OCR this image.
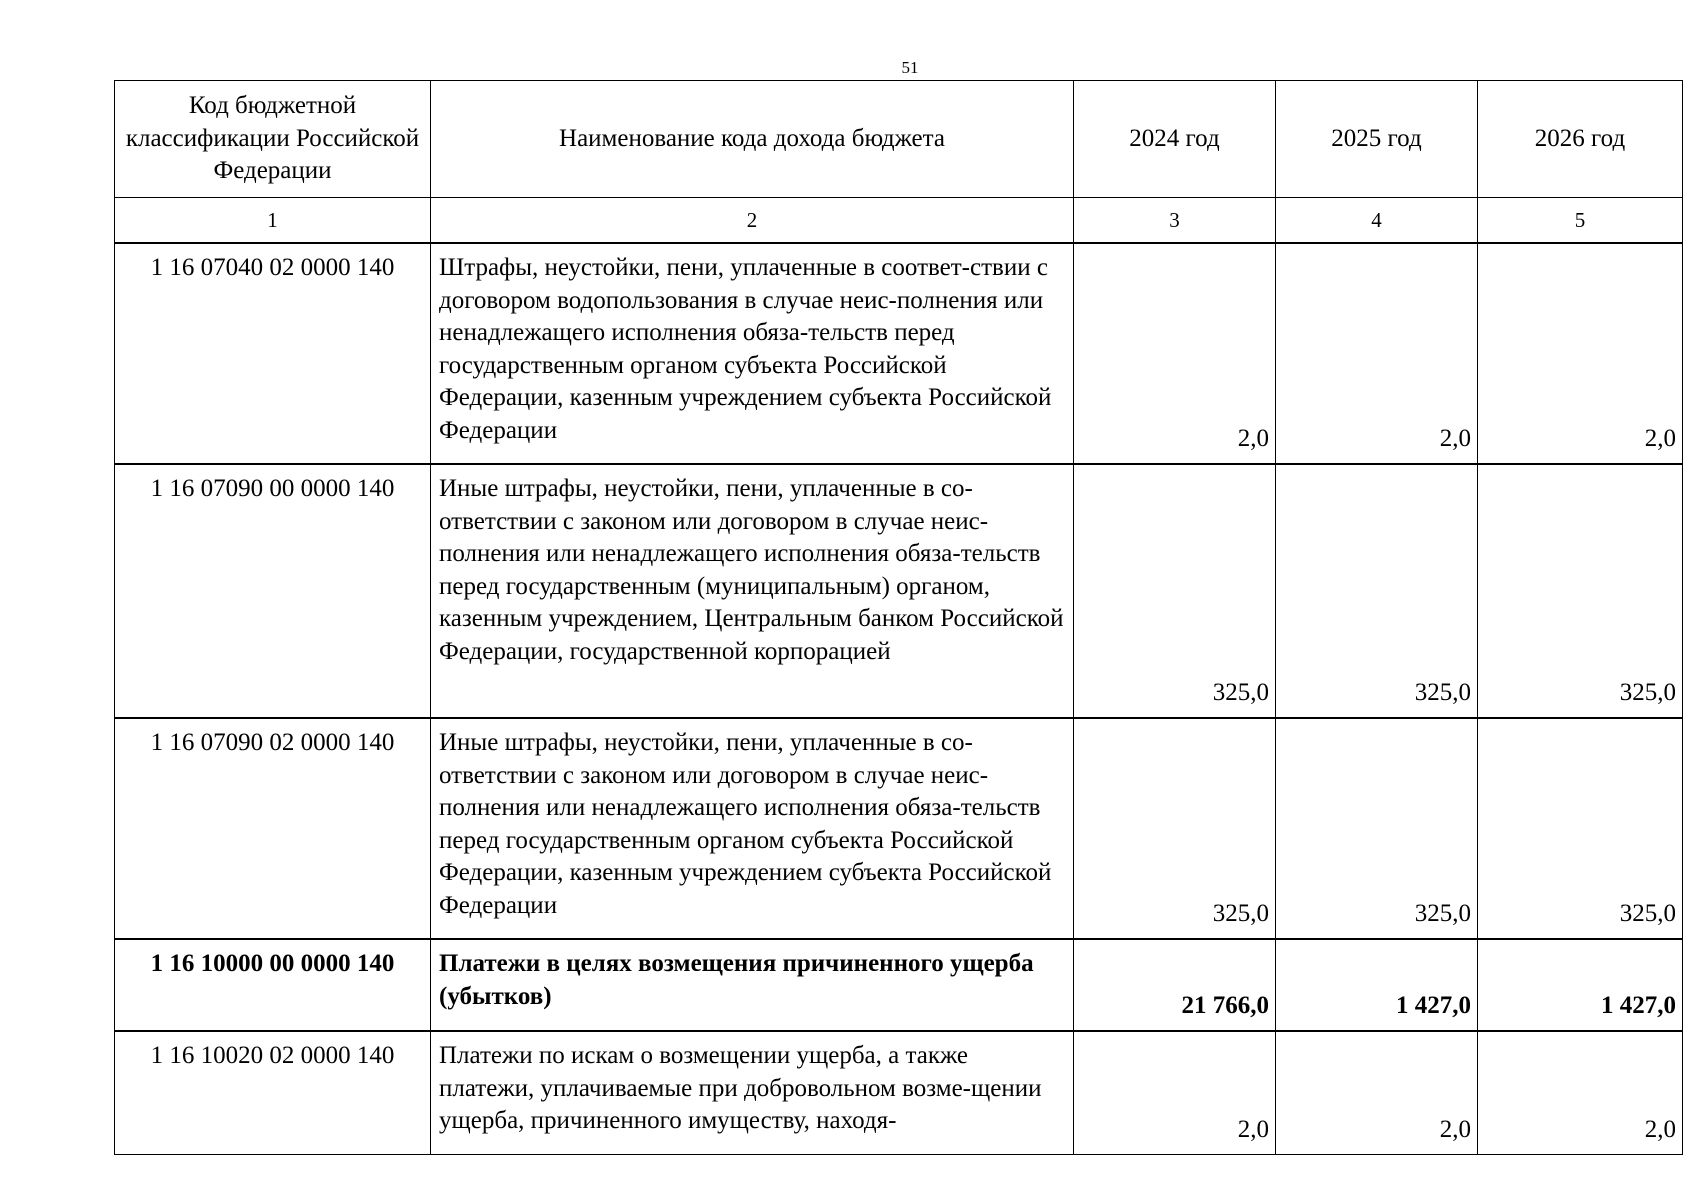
51
Код бюджетной классификации Российской Федерации	Наименование кода дохода бюджета	2024 год	2025 год	2026 год
1	2	3	4	5
1 16 07040 02 0000 140	Штрафы, неустойки, пени, уплаченные в соответ-ствии с договором водопользования в случае неис-полнения или ненадлежащего исполнения обяза-тельств перед государственным органом субъекта Российской Федерации, казенным учреждением субъекта Российской Федерации	2,0	2,0	2,0
1 16 07090 00 0000 140	Иные штрафы, неустойки, пени, уплаченные в со-ответствии с законом или договором в случае неис-полнения или ненадлежащего исполнения обяза-тельств перед государственным (муниципальным) органом, казенным учреждением, Центральным банком Российской Федерации, государственной корпорацией	325,0	325,0	325,0
1 16 07090 02 0000 140	Иные штрафы, неустойки, пени, уплаченные в со-ответствии с законом или договором в случае неис-полнения или ненадлежащего исполнения обяза-тельств перед государственным органом субъекта Российской Федерации, казенным учреждением субъекта Российской Федерации	325,0	325,0	325,0
1 16 10000 00 0000 140	Платежи в целях возмещения причиненного ущерба (убытков)	21 766,0	1 427,0	1 427,0
1 16 10020 02 0000 140	Платежи по искам о возмещении ущерба, а также платежи, уплачиваемые при добровольном возме-щении ущерба, причиненного имуществу, находя-	2,0	2,0	2,0
